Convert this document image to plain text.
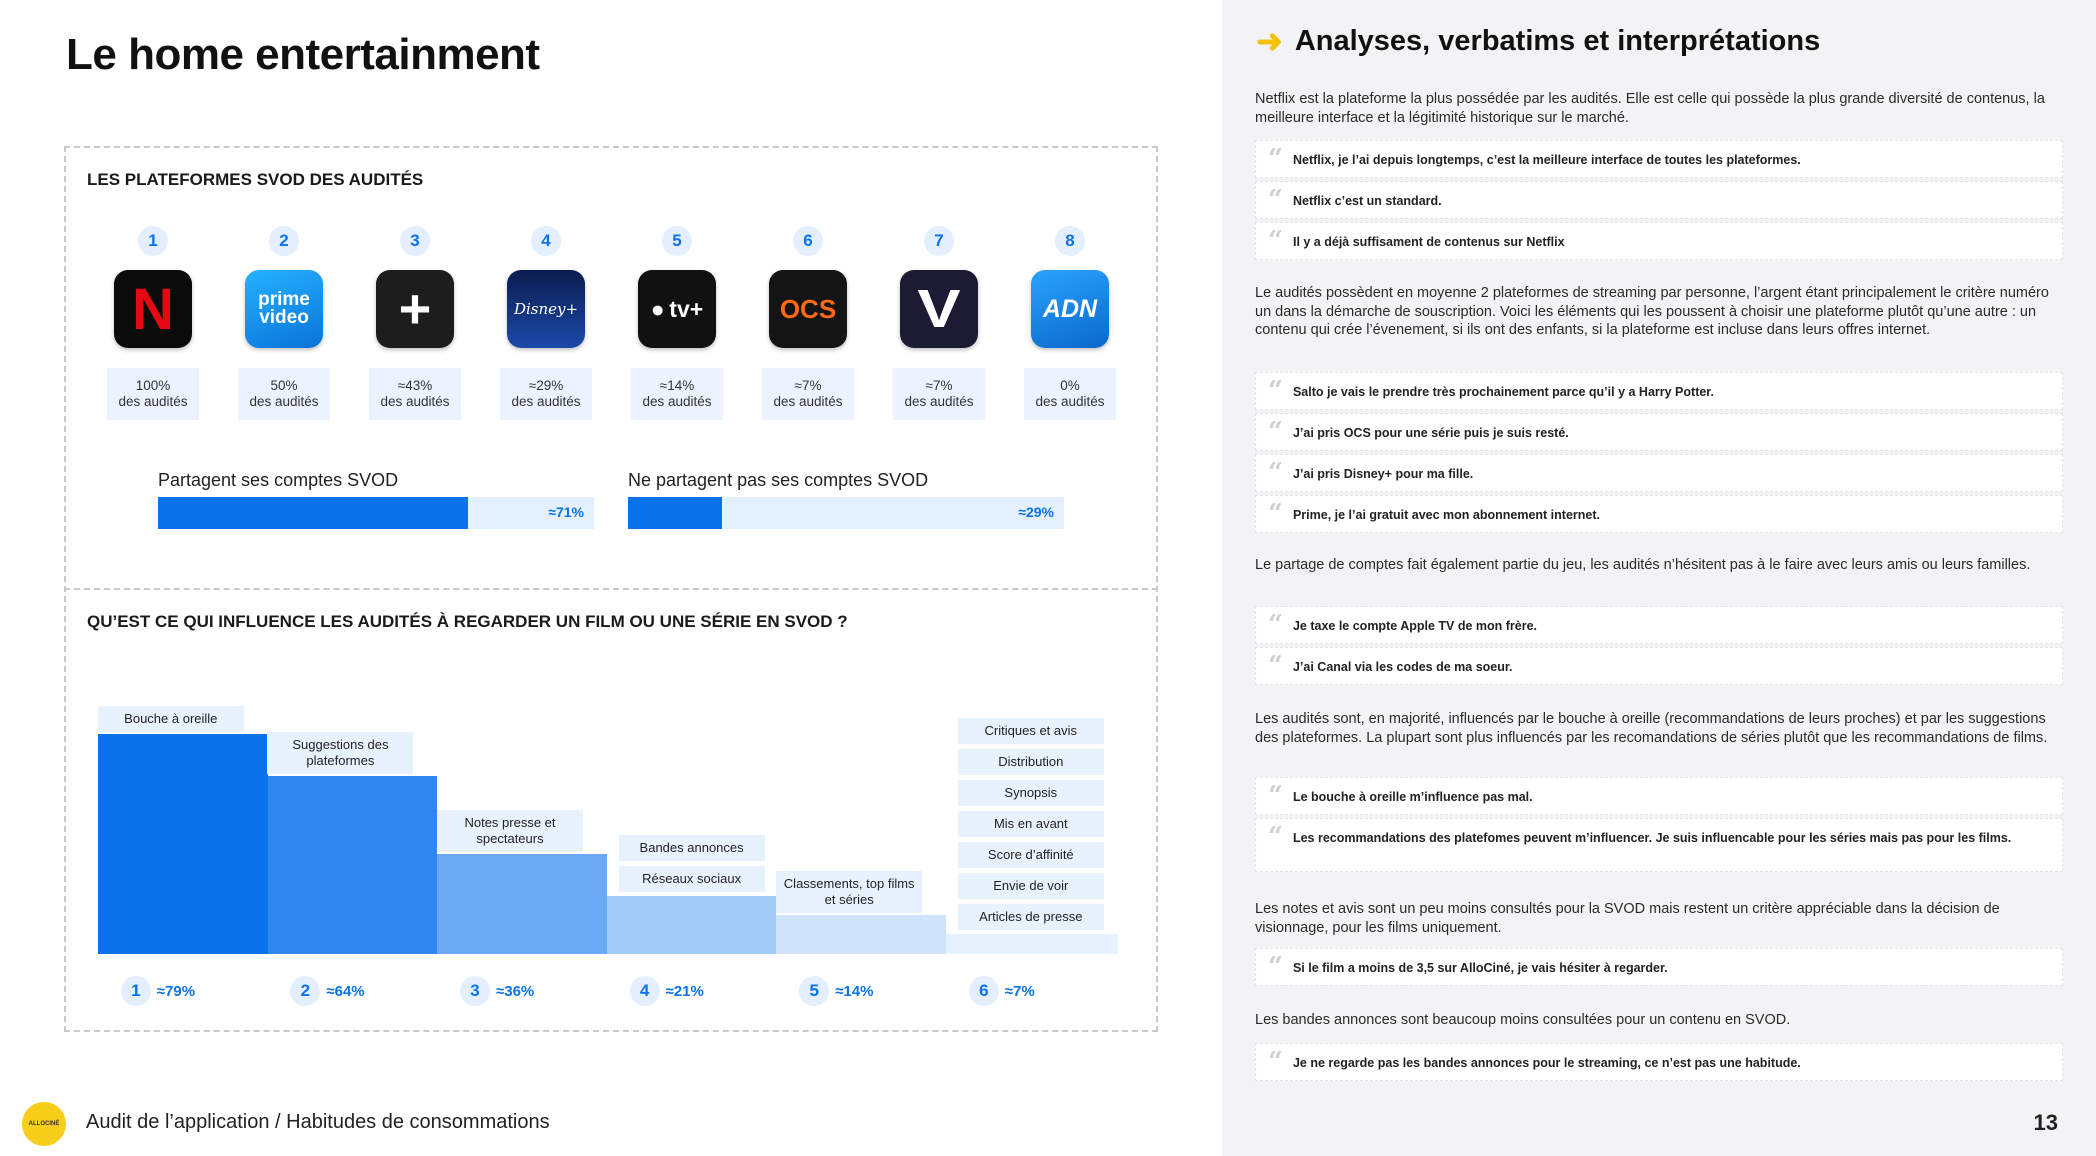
Le home entertainment
LES PLATEFORMES SVOD DES AUDITÉS
1
N
100%
des audités
2
prime video
50%
des audités
3
+
≈43%
des audités
4
Disney+
≈29%
des audités
5
● tv+
≈14%
des audités
6
OCS
≈7%
des audités
7
V
≈7%
des audités
8
ADN
0%
des audités
Partagent ses comptes SVOD
≈71%
Ne partagent pas ses comptes SVOD
≈29%
QU’EST CE QUI INFLUENCE LES AUDITÉS À REGARDER UN FILM OU UNE SÉRIE EN SVOD ?
Bouche à oreille
1	≈79%
Suggestions des plateformes
2	≈64%
Notes presse et spectateurs
3	≈36%
Bandes annonces
Réseaux sociaux
4	≈21%
Classements, top films et séries
5	≈14%
Critiques et avis
Distribution
Synopsis
Mis en avant
Score d’affinité
Envie de voir
Articles de presse
6	≈7%
ALLOCINÉ	Audit de l’application / Habitudes de consommations
➜ Analyses, verbatims et interprétations
Netflix est la plateforme la plus possédée par les audités. Elle est celle qui possède la plus grande diversité de contenus, la meilleure interface et la légitimité historique sur le marché.
“ Netflix, je l’ai depuis longtemps, c’est la meilleure interface de toutes les plateformes.
“ Netflix c’est un standard.
“ Il y a déjà suffisament de contenus sur Netflix
Le audités possèdent en moyenne 2 plateformes de streaming par personne, l’argent étant principalement le critère numéro un dans la démarche de souscription. Voici les éléments qui les poussent à choisir une plateforme plutôt qu’une autre : un contenu qui crée l’évenement, si ils ont des enfants, si la plateforme est incluse dans leurs offres internet.
“ Salto je vais le prendre très prochainement parce qu’il y a Harry Potter.
“ J’ai pris OCS pour une série puis je suis resté.
“ J’ai pris Disney+ pour ma fille.
“ Prime, je l’ai gratuit avec mon abonnement internet.
Le partage de comptes fait également partie du jeu, les audités n’hésitent pas à le faire avec leurs amis ou leurs familles.
“ Je taxe le compte Apple TV de mon frère.
“ J’ai Canal via les codes de ma soeur.
Les audités sont, en majorité, influencés par le bouche à oreille (recommandations de leurs proches) et par les suggestions des plateformes. La plupart sont plus influencés par les recomandations de séries plutôt que les recommandations de films.
“ Le bouche à oreille m’influence pas mal.
“ Les recommandations des platefomes peuvent m’influencer. Je suis influencable pour les séries mais pas pour les films.
Les notes et avis sont un peu moins consultés pour la SVOD mais restent un critère appréciable dans la décision de visionnage, pour les films uniquement.
“ Si le film a moins de 3,5 sur AlloCiné, je vais hésiter à regarder.
Les bandes annonces sont beaucoup moins consultées pour un contenu en SVOD.
“ Je ne regarde pas les bandes annonces pour le streaming, ce n’est pas une habitude.
13
